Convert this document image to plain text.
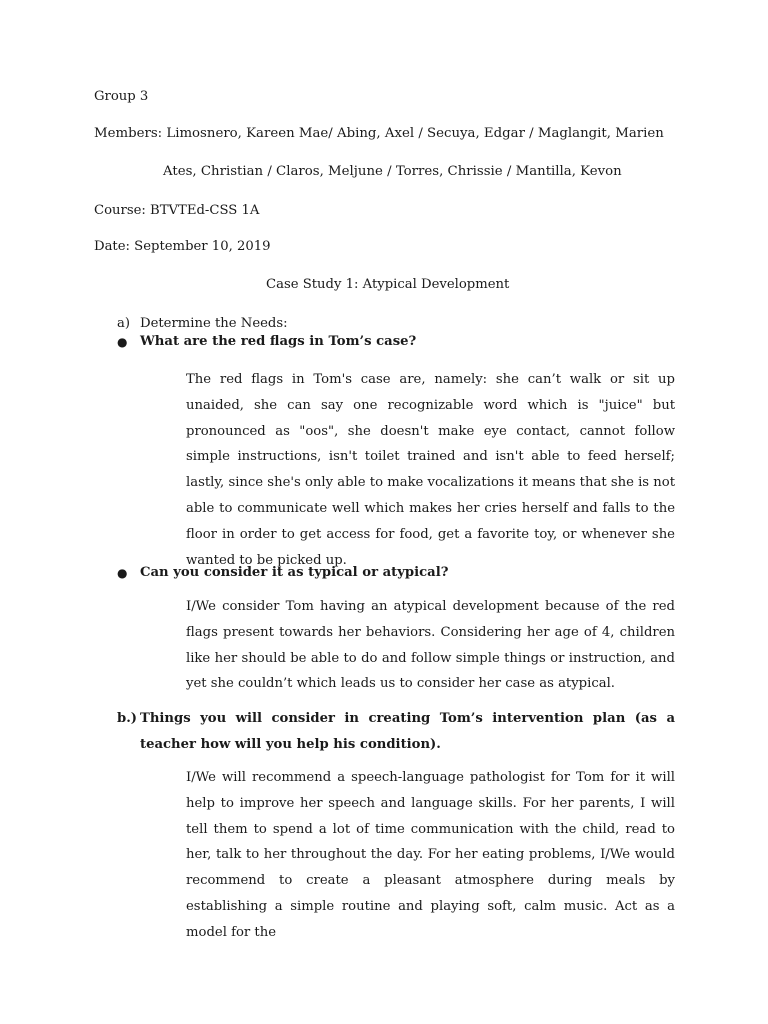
Group 3
Members: Limosnero, Kareen Mae/ Abing, Axel / Secuya, Edgar / Maglangit, Marien
Ates, Christian / Claros, Meljune / Torres, Chrissie / Mantilla, Kevon
Course: BTVTEd-CSS 1A
Date: September 10, 2019
Case Study 1: Atypical Development
a) Determine the Needs:
● What are the red flags in Tom’s case?
The red flags in Tom's case are, namely: she can’t walk or sit up unaided, she can say one recognizable word which is "juice" but pronounced as "oos", she doesn't make eye contact, cannot follow simple instructions, isn't toilet trained and isn't able to feed herself; lastly, since she's only able to make vocalizations it means that she is not able to communicate well which makes her cries herself and falls to the floor in order to get access for food, get a favorite toy, or whenever she wanted to be picked up.
● Can you consider it as typical or atypical?
I/We consider Tom having an atypical development because of the red flags present towards her behaviors. Considering her age of 4, children like her should be able to do and follow simple things or instruction, and yet she couldn’t which leads us to consider her case as atypical.
b.) Things you will consider in creating Tom’s intervention plan (as a teacher how will you help his condition).
I/We will recommend a speech-language pathologist for Tom for it will help to improve her speech and language skills. For her parents, I will tell them to spend a lot of time communication with the child, read to her, talk to her throughout the day. For her eating problems, I/We would recommend to create a pleasant atmosphere during meals by establishing a simple routine and playing soft, calm music. Act as a model for the
